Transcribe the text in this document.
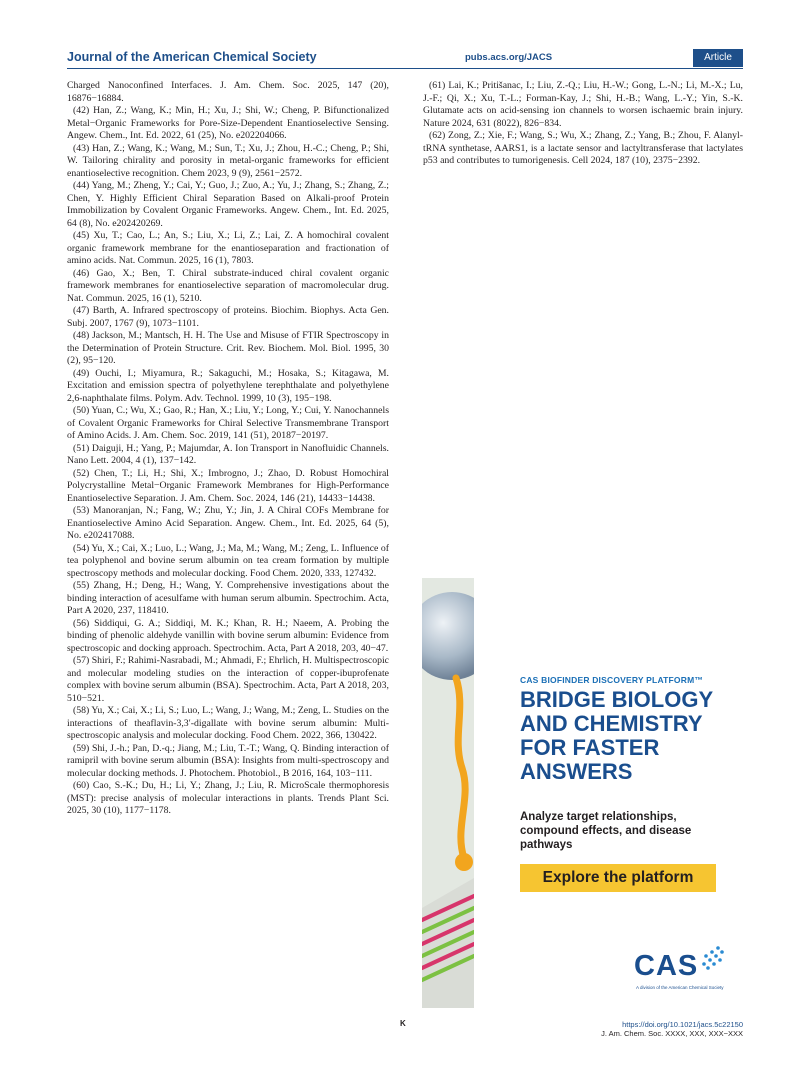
Journal of the American Chemical Society	pubs.acs.org/JACS	Article

Charged Nanoconfined Interfaces. J. Am. Chem. Soc. 2025, 147 (20), 16876−16884.

(42) Han, Z.; Wang, K.; Min, H.; Xu, J.; Shi, W.; Cheng, P. Bifunctionalized Metal−Organic Frameworks for Pore-Size-Dependent Enantioselective Sensing. Angew. Chem., Int. Ed. 2022, 61 (25), No. e202204066.

(43) Han, Z.; Wang, K.; Wang, M.; Sun, T.; Xu, J.; Zhou, H.-C.; Cheng, P.; Shi, W. Tailoring chirality and porosity in metal-organic frameworks for efficient enantioselective recognition. Chem 2023, 9 (9), 2561−2572.

(44) Yang, M.; Zheng, Y.; Cai, Y.; Guo, J.; Zuo, A.; Yu, J.; Zhang, S.; Zhang, Z.; Chen, Y. Highly Efficient Chiral Separation Based on Alkali-proof Protein Immobilization by Covalent Organic Frameworks. Angew. Chem., Int. Ed. 2025, 64 (8), No. e202420269.

(45) Xu, T.; Cao, L.; An, S.; Liu, X.; Li, Z.; Lai, Z. A homochiral covalent organic framework membrane for the enantioseparation and fractionation of amino acids. Nat. Commun. 2025, 16 (1), 7803.

(46) Gao, X.; Ben, T. Chiral substrate-induced chiral covalent organic framework membranes for enantioselective separation of macromolecular drug. Nat. Commun. 2025, 16 (1), 5210.

(47) Barth, A. Infrared spectroscopy of proteins. Biochim. Biophys. Acta Gen. Subj. 2007, 1767 (9), 1073−1101.

(48) Jackson, M.; Mantsch, H. H. The Use and Misuse of FTIR Spectroscopy in the Determination of Protein Structure. Crit. Rev. Biochem. Mol. Biol. 1995, 30 (2), 95−120.

(49) Ouchi, I.; Miyamura, R.; Sakaguchi, M.; Hosaka, S.; Kitagawa, M. Excitation and emission spectra of polyethylene terephthalate and polyethylene 2,6-naphthalate films. Polym. Adv. Technol. 1999, 10 (3), 195−198.

(50) Yuan, C.; Wu, X.; Gao, R.; Han, X.; Liu, Y.; Long, Y.; Cui, Y. Nanochannels of Covalent Organic Frameworks for Chiral Selective Transmembrane Transport of Amino Acids. J. Am. Chem. Soc. 2019, 141 (51), 20187−20197.

(51) Daiguji, H.; Yang, P.; Majumdar, A. Ion Transport in Nanofluidic Channels. Nano Lett. 2004, 4 (1), 137−142.

(52) Chen, T.; Li, H.; Shi, X.; Imbrogno, J.; Zhao, D. Robust Homochiral Polycrystalline Metal−Organic Framework Membranes for High-Performance Enantioselective Separation. J. Am. Chem. Soc. 2024, 146 (21), 14433−14438.

(53) Manoranjan, N.; Fang, W.; Zhu, Y.; Jin, J. A Chiral COFs Membrane for Enantioselective Amino Acid Separation. Angew. Chem., Int. Ed. 2025, 64 (5), No. e202417088.

(54) Yu, X.; Cai, X.; Luo, L.; Wang, J.; Ma, M.; Wang, M.; Zeng, L. Influence of tea polyphenol and bovine serum albumin on tea cream formation by multiple spectroscopy methods and molecular docking. Food Chem. 2020, 333, 127432.

(55) Zhang, H.; Deng, H.; Wang, Y. Comprehensive investigations about the binding interaction of acesulfame with human serum albumin. Spectrochim. Acta, Part A 2020, 237, 118410.

(56) Siddiqui, G. A.; Siddiqi, M. K.; Khan, R. H.; Naeem, A. Probing the binding of phenolic aldehyde vanillin with bovine serum albumin: Evidence from spectroscopic and docking approach. Spectrochim. Acta, Part A 2018, 203, 40−47.

(57) Shiri, F.; Rahimi-Nasrabadi, M.; Ahmadi, F.; Ehrlich, H. Multispectroscopic and molecular modeling studies on the interaction of copper-ibuprofenate complex with bovine serum albumin (BSA). Spectrochim. Acta, Part A 2018, 203, 510−521.

(58) Yu, X.; Cai, X.; Li, S.; Luo, L.; Wang, J.; Wang, M.; Zeng, L. Studies on the interactions of theaflavin-3,3′-digallate with bovine serum albumin: Multi-spectroscopic analysis and molecular docking. Food Chem. 2022, 366, 130422.

(59) Shi, J.-h.; Pan, D.-q.; Jiang, M.; Liu, T.-T.; Wang, Q. Binding interaction of ramipril with bovine serum albumin (BSA): Insights from multi-spectroscopy and molecular docking methods. J. Photochem. Photobiol., B 2016, 164, 103−111.

(60) Cao, S.-K.; Du, H.; Li, Y.; Zhang, J.; Liu, R. MicroScale thermophoresis (MST): precise analysis of molecular interactions in plants. Trends Plant Sci. 2025, 30 (10), 1177−1178.

(61) Lai, K.; Pritišanac, I.; Liu, Z.-Q.; Liu, H.-W.; Gong, L.-N.; Li, M.-X.; Lu, J.-F.; Qi, X.; Xu, T.-L.; Forman-Kay, J.; Shi, H.-B.; Wang, L.-Y.; Yin, S.-K. Glutamate acts on acid-sensing ion channels to worsen ischaemic brain injury. Nature 2024, 631 (8022), 826−834.

(62) Zong, Z.; Xie, F.; Wang, S.; Wu, X.; Zhang, Z.; Yang, B.; Zhou, F. Alanyl-tRNA synthetase, AARS1, is a lactate sensor and lactyltransferase that lactylates p53 and contributes to tumorigenesis. Cell 2024, 187 (10), 2375−2392.

CAS BIOFINDER DISCOVERY PLATFORM™
BRIDGE BIOLOGY AND CHEMISTRY FOR FASTER ANSWERS
Analyze target relationships, compound effects, and disease pathways
Explore the platform
CAS
A division of the American Chemical Society
K	https://doi.org/10.1021/jacs.5c22150
J. Am. Chem. Soc. XXXX, XXX, XXX−XXX
